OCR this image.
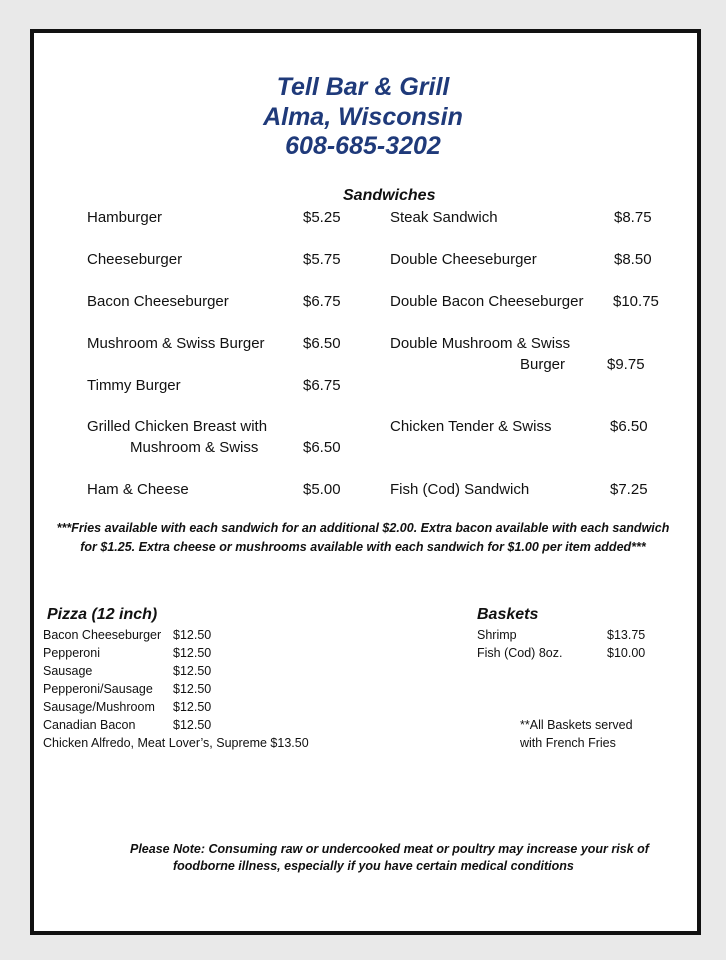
Tell Bar & Grill
Alma, Wisconsin
608-685-3202
Sandwiches
Hamburger	$5.25
Cheeseburger	$5.75
Bacon Cheeseburger	$6.75
Mushroom & Swiss Burger	$6.50
Timmy Burger	$6.75
Grilled Chicken Breast with
Mushroom & Swiss	$6.50
Ham & Cheese	$5.00
Steak Sandwich	$8.75
Double Cheeseburger	$8.50
Double Bacon Cheeseburger $10.75
Double Mushroom & Swiss
Burger	$9.75
Chicken Tender & Swiss	$6.50
Fish (Cod) Sandwich	$7.25
***Fries available with each sandwich for an additional $2.00. Extra bacon available with each sandwich
for $1.25. Extra cheese or mushrooms available with each sandwich for $1.00 per item added***
Pizza (12 inch)
Bacon Cheeseburger $12.50
Pepperoni	$12.50
Sausage	$12.50
Pepperoni/Sausage $12.50
Sausage/Mushroom $12.50
Canadian Bacon	$12.50
Chicken Alfredo, Meat Lover’s, Supreme $13.50
Baskets
Shrimp	$13.75
Fish (Cod) 8oz.	$10.00
**All Baskets served
with French Fries
Please Note: Consuming raw or undercooked meat or poultry may increase your risk of
foodborne illness, especially if you have certain medical conditions
